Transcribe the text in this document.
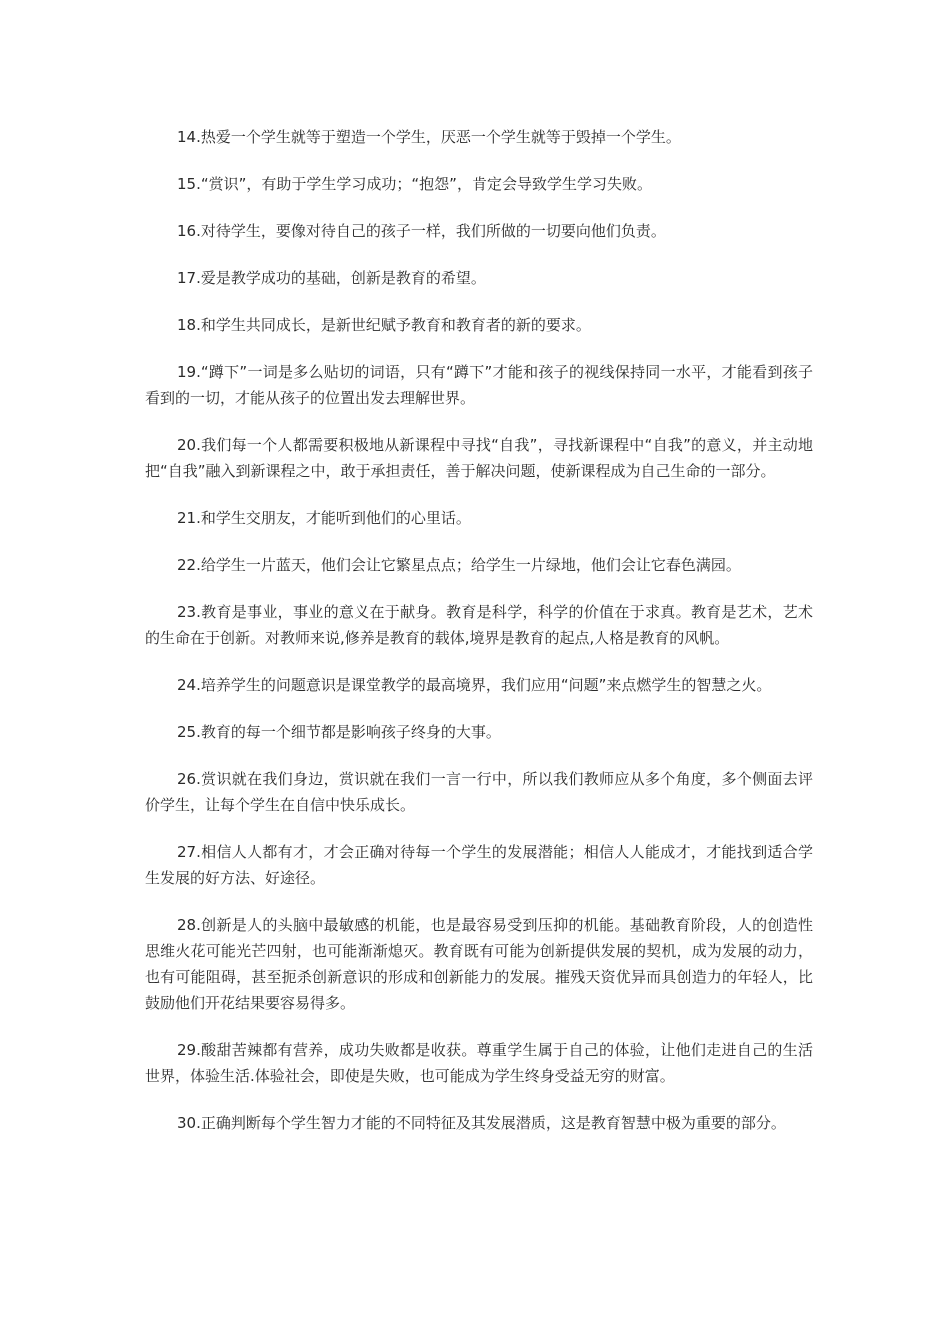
14.热爱一个学生就等于塑造一个学生，厌恶一个学生就等于毁掉一个学生。

15.“赏识”，有助于学生学习成功；“抱怨”，肯定会导致学生学习失败。

16.对待学生，要像对待自己的孩子一样，我们所做的一切要向他们负责。

17.爱是教学成功的基础，创新是教育的希望。

18.和学生共同成长，是新世纪赋予教育和教育者的新的要求。

19.“蹲下”一词是多么贴切的词语，只有“蹲下”才能和孩子的视线保持同一水平，才能看到孩子看到的一切，才能从孩子的位置出发去理解世界。

20.我们每一个人都需要积极地从新课程中寻找“自我”，寻找新课程中“自我”的意义，并主动地把“自我”融入到新课程之中，敢于承担责任，善于解决问题，使新课程成为自己生命的一部分。

21.和学生交朋友，才能听到他们的心里话。

22.给学生一片蓝天，他们会让它繁星点点；给学生一片绿地，他们会让它春色满园。

23.教育是事业，事业的意义在于献身。教育是科学，科学的价值在于求真。教育是艺术，艺术的生命在于创新。对教师来说,修养是教育的载体,境界是教育的起点,人格是教育的风帆。

24.培养学生的问题意识是课堂教学的最高境界，我们应用“问题”来点燃学生的智慧之火。

25.教育的每一个细节都是影响孩子终身的大事。

26.赏识就在我们身边，赏识就在我们一言一行中，所以我们教师应从多个角度，多个侧面去评价学生，让每个学生在自信中快乐成长。

27.相信人人都有才，才会正确对待每一个学生的发展潜能；相信人人能成才，才能找到适合学生发展的好方法、好途径。

28.创新是人的头脑中最敏感的机能，也是最容易受到压抑的机能。基础教育阶段，人的创造性思维火花可能光芒四射，也可能渐渐熄灭。教育既有可能为创新提供发展的契机，成为发展的动力，也有可能阻碍，甚至扼杀创新意识的形成和创新能力的发展。摧残天资优异而具创造力的年轻人，比鼓励他们开花结果要容易得多。

29.酸甜苦辣都有营养，成功失败都是收获。尊重学生属于自己的体验，让他们走进自己的生活世界，体验生活.体验社会，即使是失败，也可能成为学生终身受益无穷的财富。

30.正确判断每个学生智力才能的不同特征及其发展潜质，这是教育智慧中极为重要的部分。
